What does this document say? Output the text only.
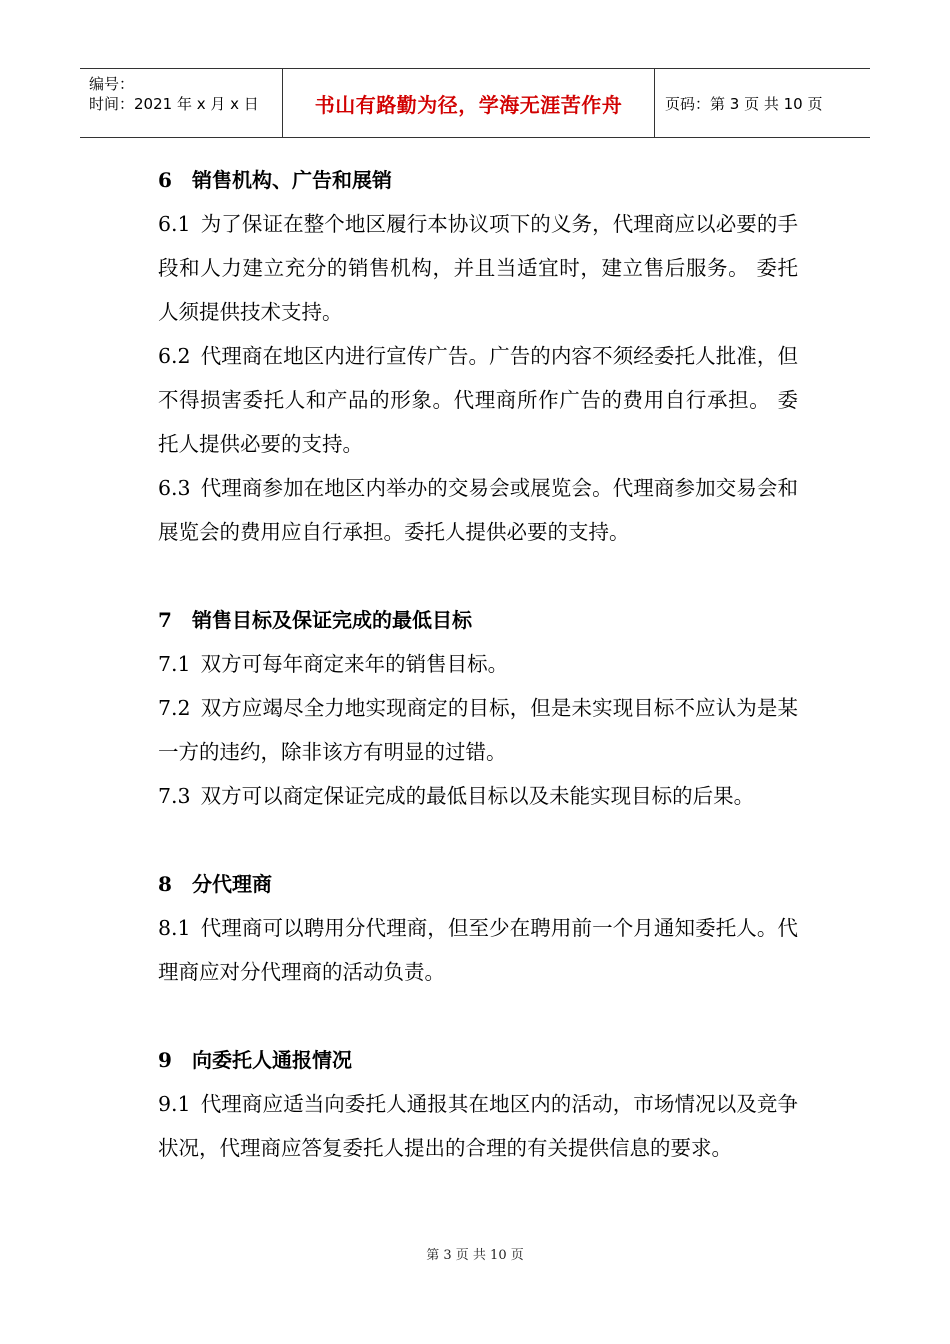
编号：
时间：2021 年 x 月 x 日	书山有路勤为径，学海无涯苦作舟	页码：第 3 页 共 10 页
6 销售机构、广告和展销

6.1 为了保证在整个地区履行本协议项下的义务，代理商应以必要的手段和人力建立充分的销售机构，并且当适宜时，建立售后服务。 委托人须提供技术支持。

6.2 代理商在地区内进行宣传广告。广告的内容不须经委托人批准，但不得损害委托人和产品的形象。代理商所作广告的费用自行承担。 委托人提供必要的支持。

6.3 代理商参加在地区内举办的交易会或展览会。代理商参加交易会和展览会的费用应自行承担。委托人提供必要的支持。

7 销售目标及保证完成的最低目标

7.1 双方可每年商定来年的销售目标。

7.2 双方应竭尽全力地实现商定的目标，但是未实现目标不应认为是某一方的违约，除非该方有明显的过错。

7.3 双方可以商定保证完成的最低目标以及未能实现目标的后果。

8 分代理商

8.1 代理商可以聘用分代理商，但至少在聘用前一个月通知委托人。代理商应对分代理商的活动负责。

9 向委托人通报情况

9.1 代理商应适当向委托人通报其在地区内的活动，市场情况以及竞争状况，代理商应答复委托人提出的合理的有关提供信息的要求。

第 3 页 共 10 页
